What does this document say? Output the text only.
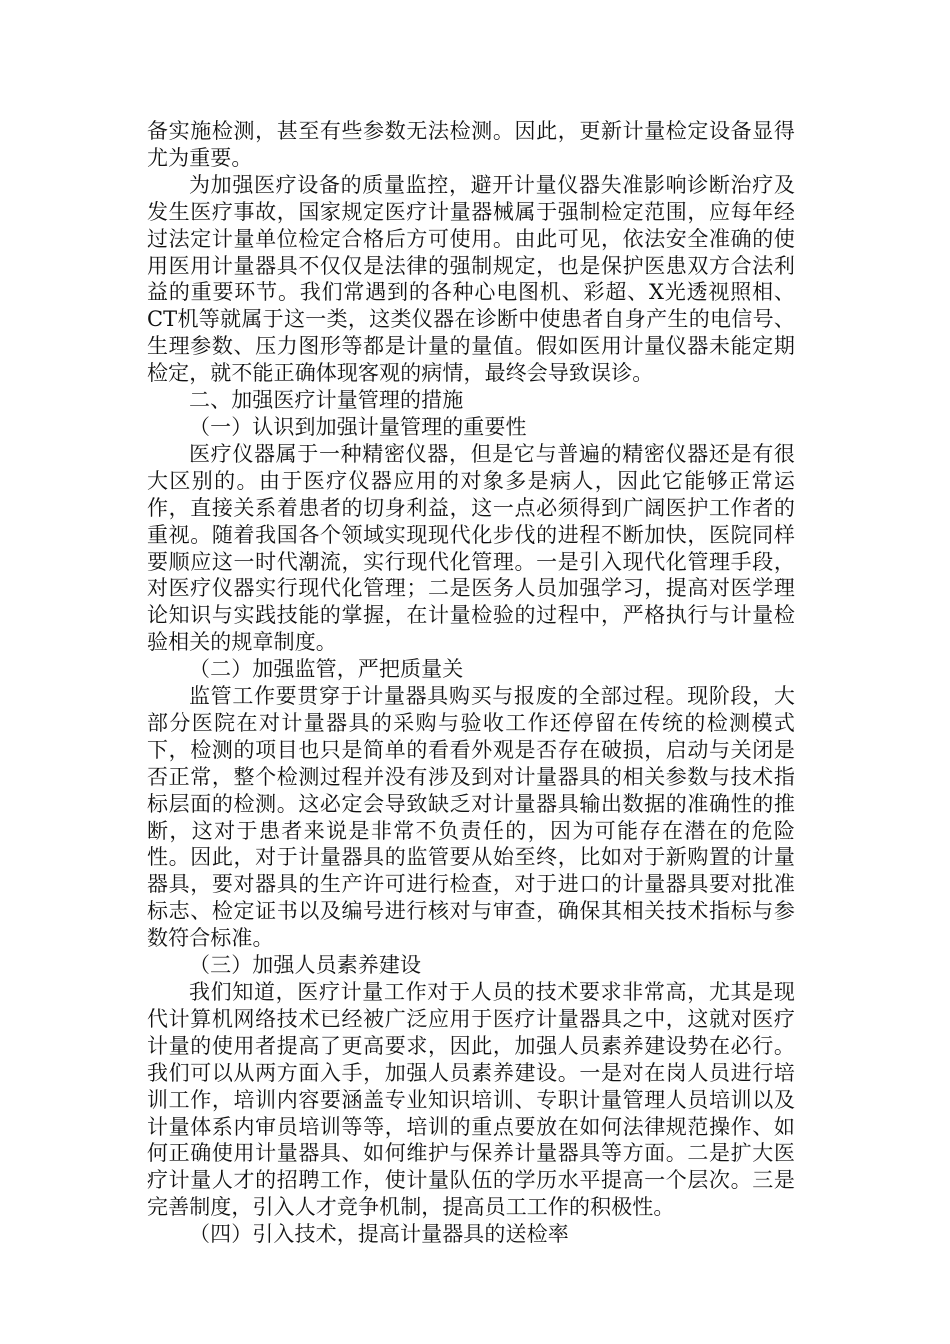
备实施检测，甚至有些参数无法检测。因此，更新计量检定设备显得尤为重要。

为加强医疗设备的质量监控，避开计量仪器失准影响诊断治疗及发生医疗事故，国家规定医疗计量器械属于强制检定范围，应每年经过法定计量单位检定合格后方可使用。由此可见，依法安全准确的使用医用计量器具不仅仅是法律的强制规定，也是保护医患双方合法利益的重要环节。我们常遇到的各种心电图机、彩超、X光透视照相、CT机等就属于这一类，这类仪器在诊断中使患者自身产生的电信号、生理参数、压力图形等都是计量的量值。假如医用计量仪器未能定期检定，就不能正确体现客观的病情，最终会导致误诊。

二、加强医疗计量管理的措施

（一）认识到加强计量管理的重要性

医疗仪器属于一种精密仪器，但是它与普遍的精密仪器还是有很大区别的。由于医疗仪器应用的对象多是病人，因此它能够正常运作，直接关系着患者的切身利益，这一点必须得到广阔医护工作者的重视。随着我国各个领域实现现代化步伐的进程不断加快，医院同样要顺应这一时代潮流，实行现代化管理。一是引入现代化管理手段，对医疗仪器实行现代化管理；二是医务人员加强学习，提高对医学理论知识与实践技能的掌握，在计量检验的过程中，严格执行与计量检验相关的规章制度。

（二）加强监管，严把质量关

监管工作要贯穿于计量器具购买与报废的全部过程。现阶段，大部分医院在对计量器具的采购与验收工作还停留在传统的检测模式下，检测的项目也只是简单的看看外观是否存在破损，启动与关闭是否正常，整个检测过程并没有涉及到对计量器具的相关参数与技术指标层面的检测。这必定会导致缺乏对计量器具输出数据的准确性的推断，这对于患者来说是非常不负责任的，因为可能存在潜在的危险性。因此，对于计量器具的监管要从始至终，比如对于新购置的计量器具，要对器具的生产许可进行检查，对于进口的计量器具要对批准标志、检定证书以及编号进行核对与审查，确保其相关技术指标与参数符合标准。

（三）加强人员素养建设

我们知道，医疗计量工作对于人员的技术要求非常高，尤其是现代计算机网络技术已经被广泛应用于医疗计量器具之中，这就对医疗计量的使用者提高了更高要求，因此，加强人员素养建设势在必行。我们可以从两方面入手，加强人员素养建设。一是对在岗人员进行培训工作，培训内容要涵盖专业知识培训、专职计量管理人员培训以及计量体系内审员培训等等，培训的重点要放在如何法律规范操作、如何正确使用计量器具、如何维护与保养计量器具等方面。二是扩大医疗计量人才的招聘工作，使计量队伍的学历水平提高一个层次。三是完善制度，引入人才竞争机制，提高员工工作的积极性。

（四）引入技术，提高计量器具的送检率
